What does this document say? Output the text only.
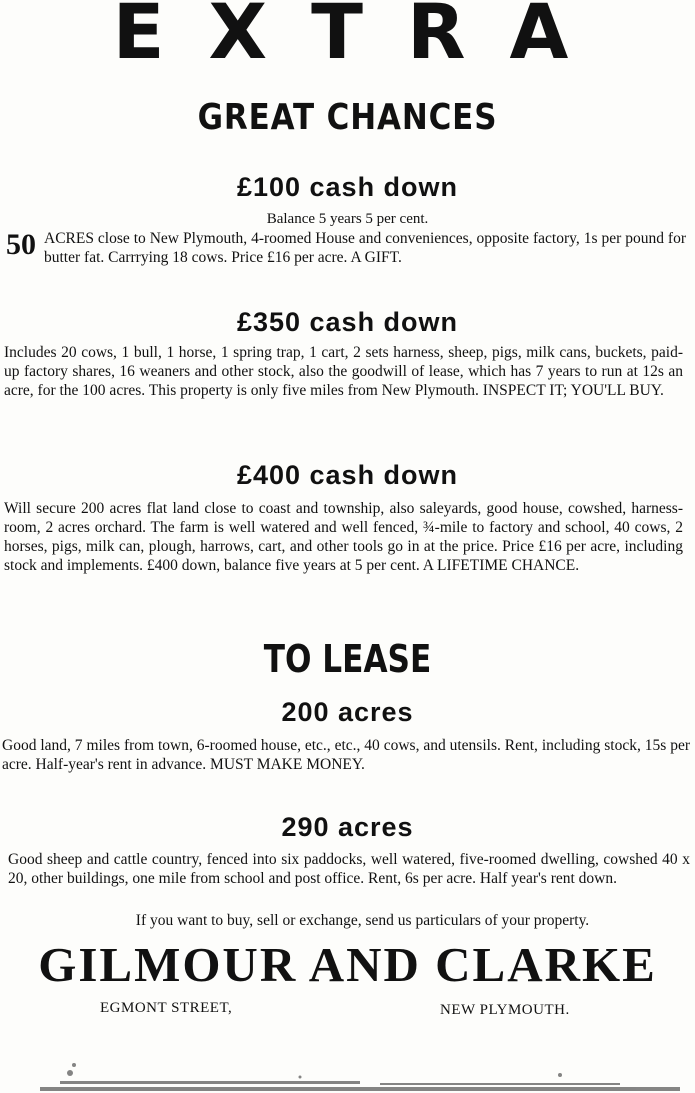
EXTRA
GREAT CHANCES
£100 cash down
Balance 5 years 5 per cent.
50 ACRES close to New Plymouth, 4-roomed House and conveniences, opposite factory, 1s per pound for butter fat. Carrrying 18 cows. Price £16 per acre. A GIFT.
£350 cash down
Includes 20 cows, 1 bull, 1 horse, 1 spring trap, 1 cart, 2 sets harness, sheep, pigs, milk cans, buckets, paid-up factory shares, 16 weaners and other stock, also the goodwill of lease, which has 7 years to run at 12s an acre, for the 100 acres. This property is only five miles from New Plymouth. INSPECT IT; YOU'LL BUY.
£400 cash down
Will secure 200 acres flat land close to coast and township, also saleyards, good house, cowshed, harness-room, 2 acres orchard. The farm is well watered and well fenced, ¾-mile to factory and school, 40 cows, 2 horses, pigs, milk can, plough, harrows, cart, and other tools go in at the price. Price £16 per acre, including stock and implements. £400 down, balance five years at 5 per cent. A LIFETIME CHANCE.
TO LEASE
200 acres
Good land, 7 miles from town, 6-roomed house, etc., etc., 40 cows, and utensils. Rent, including stock, 15s per acre. Half-year's rent in advance. MUST MAKE MONEY.
290 acres
Good sheep and cattle country, fenced into six paddocks, well watered, five-roomed dwelling, cowshed 40 x 20, other buildings, one mile from school and post office. Rent, 6s per acre. Half year's rent down.
If you want to buy, sell or exchange, send us particulars of your property.
GILMOUR AND CLARKE
EGMONT STREET,	NEW PLYMOUTH.
